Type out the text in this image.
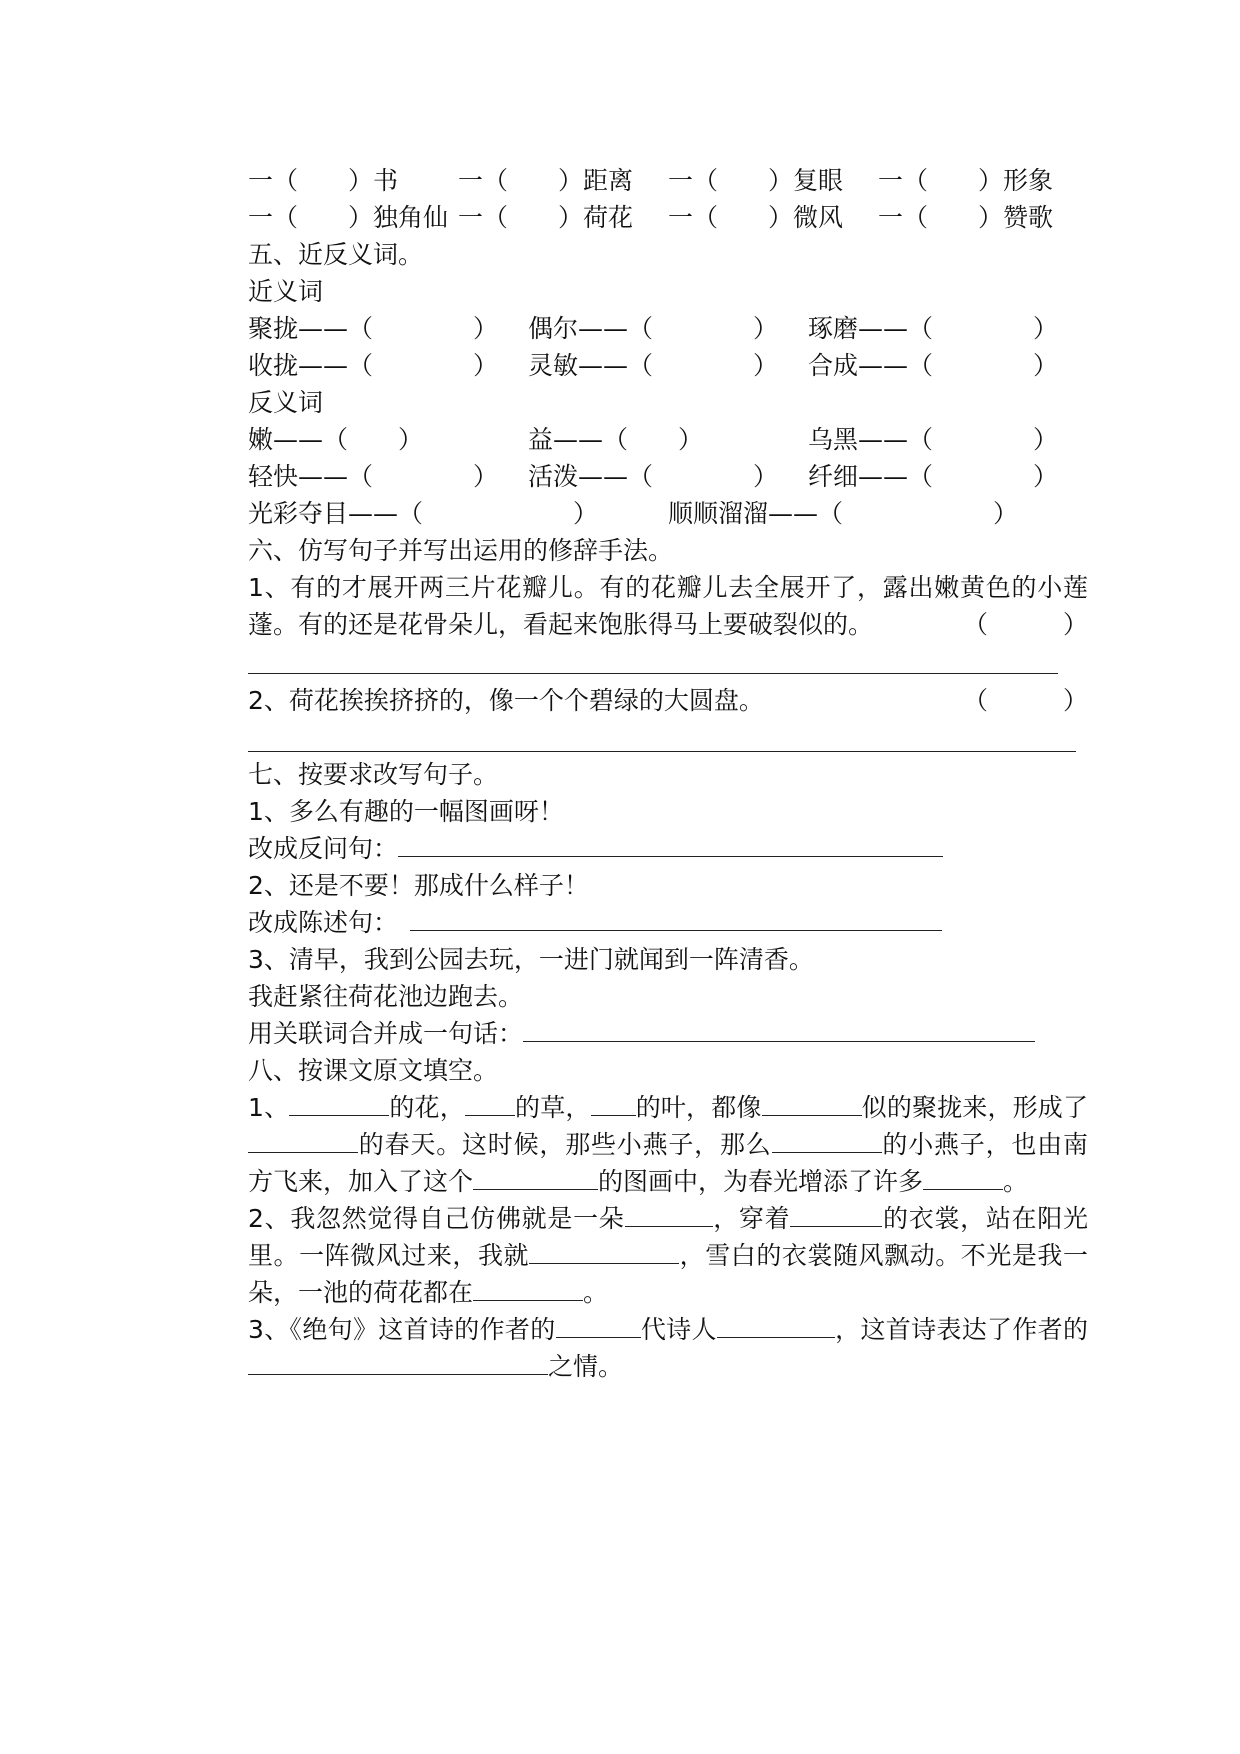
一（　　）书	一（　　）距离	一（　　）复眼	一（　　）形象
一（　　）独角仙 一（　　）荷花	一（　　）微风	一（　　）赞歌
五、近反义词。
近义词
聚拢——（　　　　）	偶尔——（　　　　）	琢磨——（　　　　）
收拢——（　　　　）	灵敏——（　　　　）	合成——（　　　　）
反义词
嫩——（　　）	益——（　　）	乌黑——（　　　　）
轻快——（　　　　）	活泼——（　　　　）	纤细——（　　　　）
光彩夺目——（　　　　　　）	顺顺溜溜——（　　　　　　）
六、仿写句子并写出运用的修辞手法。
1、有的才展开两三片花瓣儿。有的花瓣儿去全展开了，露出嫩黄色的小莲蓬。有的还是花骨朵儿，看起来饱胀得马上要破裂似的。	（　　　）
2、荷花挨挨挤挤的，像一个个碧绿的大圆盘。	（　　　）
七、按要求改写句子。
1、多么有趣的一幅图画呀！
改成反问句：
2、还是不要！那成什么样子！
改成陈述句：
3、清早，我到公园去玩，一进门就闻到一阵清香。
我赶紧往荷花池边跑去。
用关联词合并成一句话：
八、按课文原文填空。
1、	的花， 的草， 的叶，都像	似的聚拢来，形成了的春天。这时候，那些小燕子，那么	的小燕子，也由南方飞来，加入了这个	的图画中，为春光增添了许多	。
2、我忽然觉得自己仿佛就是一朵	，穿着	的衣裳，站在阳光里。一阵微风过来，我就	，雪白的衣裳随风飘动。不光是我一朵，一池的荷花都在	。
3、《绝句》这首诗的作者的	代诗人	，这首诗表达了作者的之情。
